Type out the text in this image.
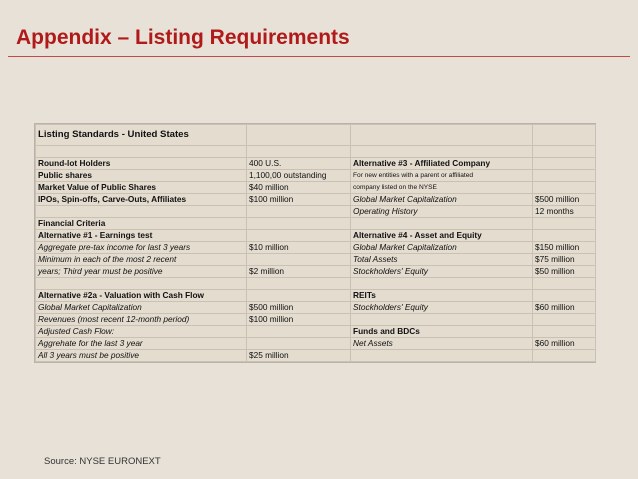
Appendix – Listing Requirements
Listing Standards - United States			

Round-lot Holders	400 U.S.	Alternative #3 - Affiliated Company	
Public shares	1,100,00 outstanding	For new entities with a parent or affiliated	
Market Value of Public Shares	$40 million	company listed on the NYSE	
IPOs, Spin-offs, Carve-Outs, Affiliates	$100 million	Global Market Capitalization	$500 million
		Operating History	12 months
Financial Criteria			
Alternative #1 - Earnings test		Alternative #4 - Asset and Equity	
Aggregate pre-tax income for last 3 years	$10 million	Global Market Capitalization	$150 million
Minimum in each of the most 2 recent		Total Assets	$75 million
years; Third year must be positive	$2 million	Stockholders' Equity	$50 million

Alternative #2a - Valuation with Cash Flow		REITs	
Global Market Capitalization	$500 million	Stockholders' Equity	$60 million
Revenues (most recent 12-month period)	$100 million		
Adjusted Cash Flow:		Funds and BDCs	
Aggrehate for the last 3 year		Net Assets	$60 million
All 3 years must be positive	$25 million		
Source: NYSE EURONEXT
